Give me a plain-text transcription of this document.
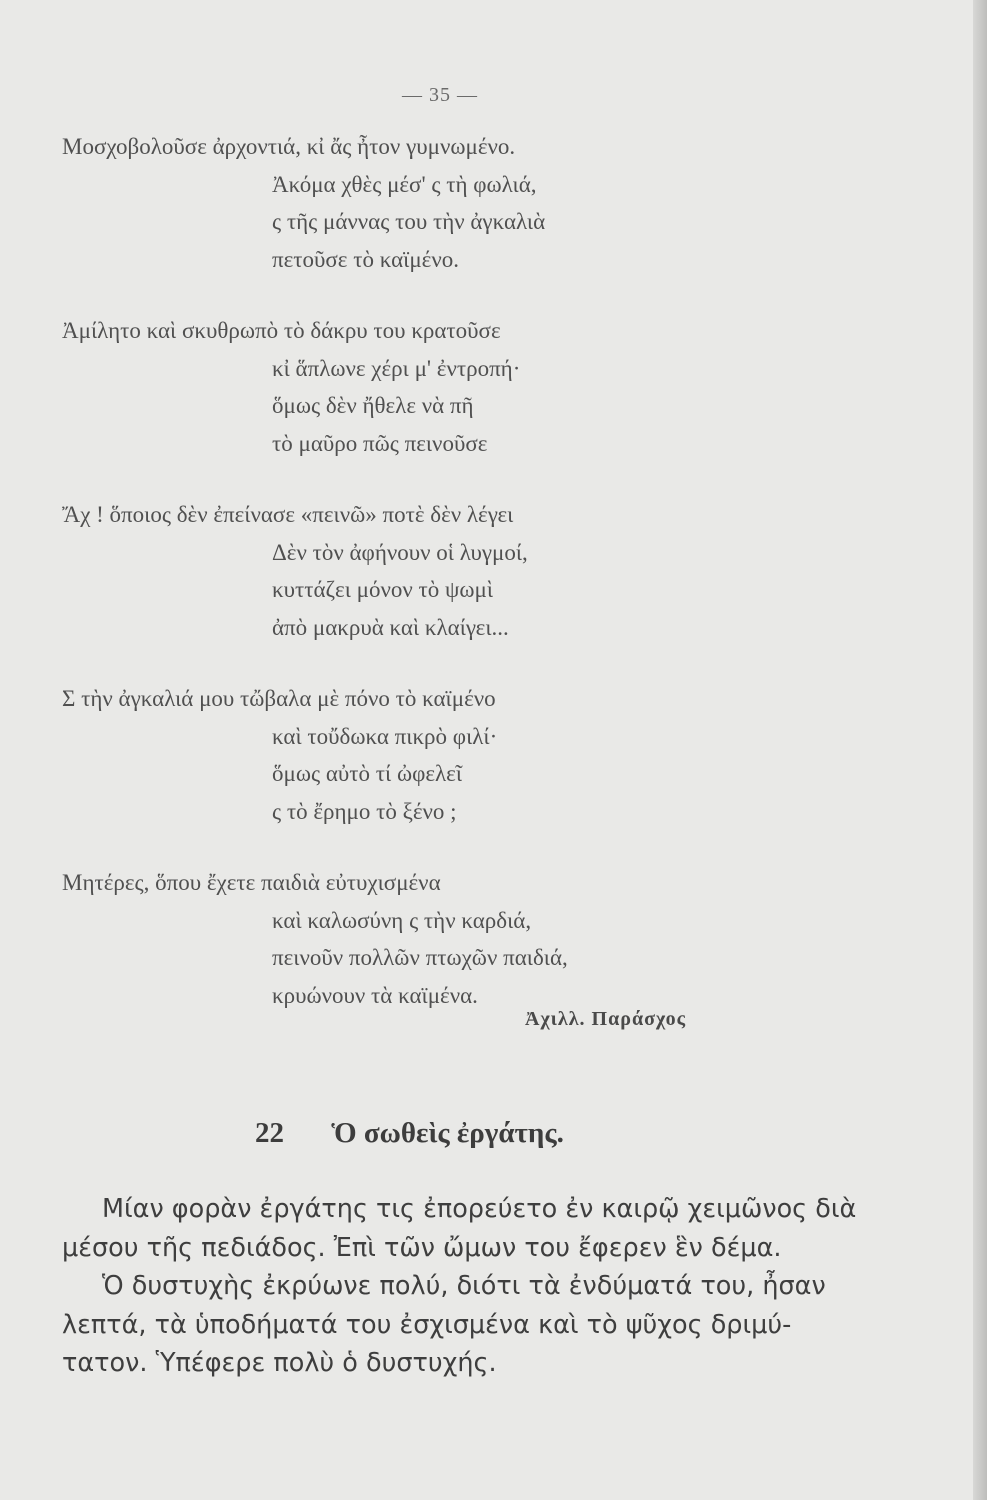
— 35 —
Μοσχοβολοῦσε ἀρχοντιά, κἰ ἄς ἦτον γυμνωμένο.
Ἀκόμα χθὲς μέσ' ς τὴ φωλιά,
ς τῆς μάννας του τὴν ἀγκαλιὰ
πετοῦσε τὸ καϊμένο.
Ἀμίλητο καὶ σκυθρωπὸ τὸ δάκρυ του κρατοῦσε
κἰ ἅπλωνε χέρι μ' ἐντροπή·
ὅμως δὲν ἤθελε νὰ πῆ
τὸ μαῦρο πῶς πεινοῦσε
Ἄχ ! ὅποιος δὲν ἐπείνασε «πεινῶ» ποτὲ δὲν λέγει
Δὲν τὸν ἀφήνουν οἱ λυγμοί,
κυττάζει μόνον τὸ ψωμὶ
ἀπὸ μακρυὰ καὶ κλαίγει...
Σ τὴν ἀγκαλιά μου τὤβαλα μὲ πόνο τὸ καϊμένο
καὶ τοὔδωκα πικρὸ φιλί·
ὅμως αὐτὸ τί ὠφελεῖ
ς τὸ ἔρημο τὸ ξένο ;
Μητέρες, ὅπου ἔχετε παιδιὰ εὐτυχισμένα
καὶ καλωσύνη ς τὴν καρδιά,
πεινοῦν πολλῶν πτωχῶν παιδιά,
κρυώνουν τὰ καϊμένα.
Ἀχιλλ. Παράσχος
22 Ὁ σωθεὶς ἐργάτης.
Μίαν φορὰν ἐργάτης τις ἐπορεύετο ἐν καιρῷ χειμῶνος διὰ
μέσου τῆς πεδιάδος. Ἐπὶ τῶν ὤμων του ἔφερεν ἓν δέμα.
Ὁ δυστυχὴς ἐκρύωνε πολύ, διότι τὰ ἐνδύματά του, ἦσαν
λεπτά, τὰ ὑποδήματά του ἐσχισμένα καὶ τὸ ψῦχος δριμύ-
τατον. Ὑπέφερε πολὺ ὁ δυστυχής.
